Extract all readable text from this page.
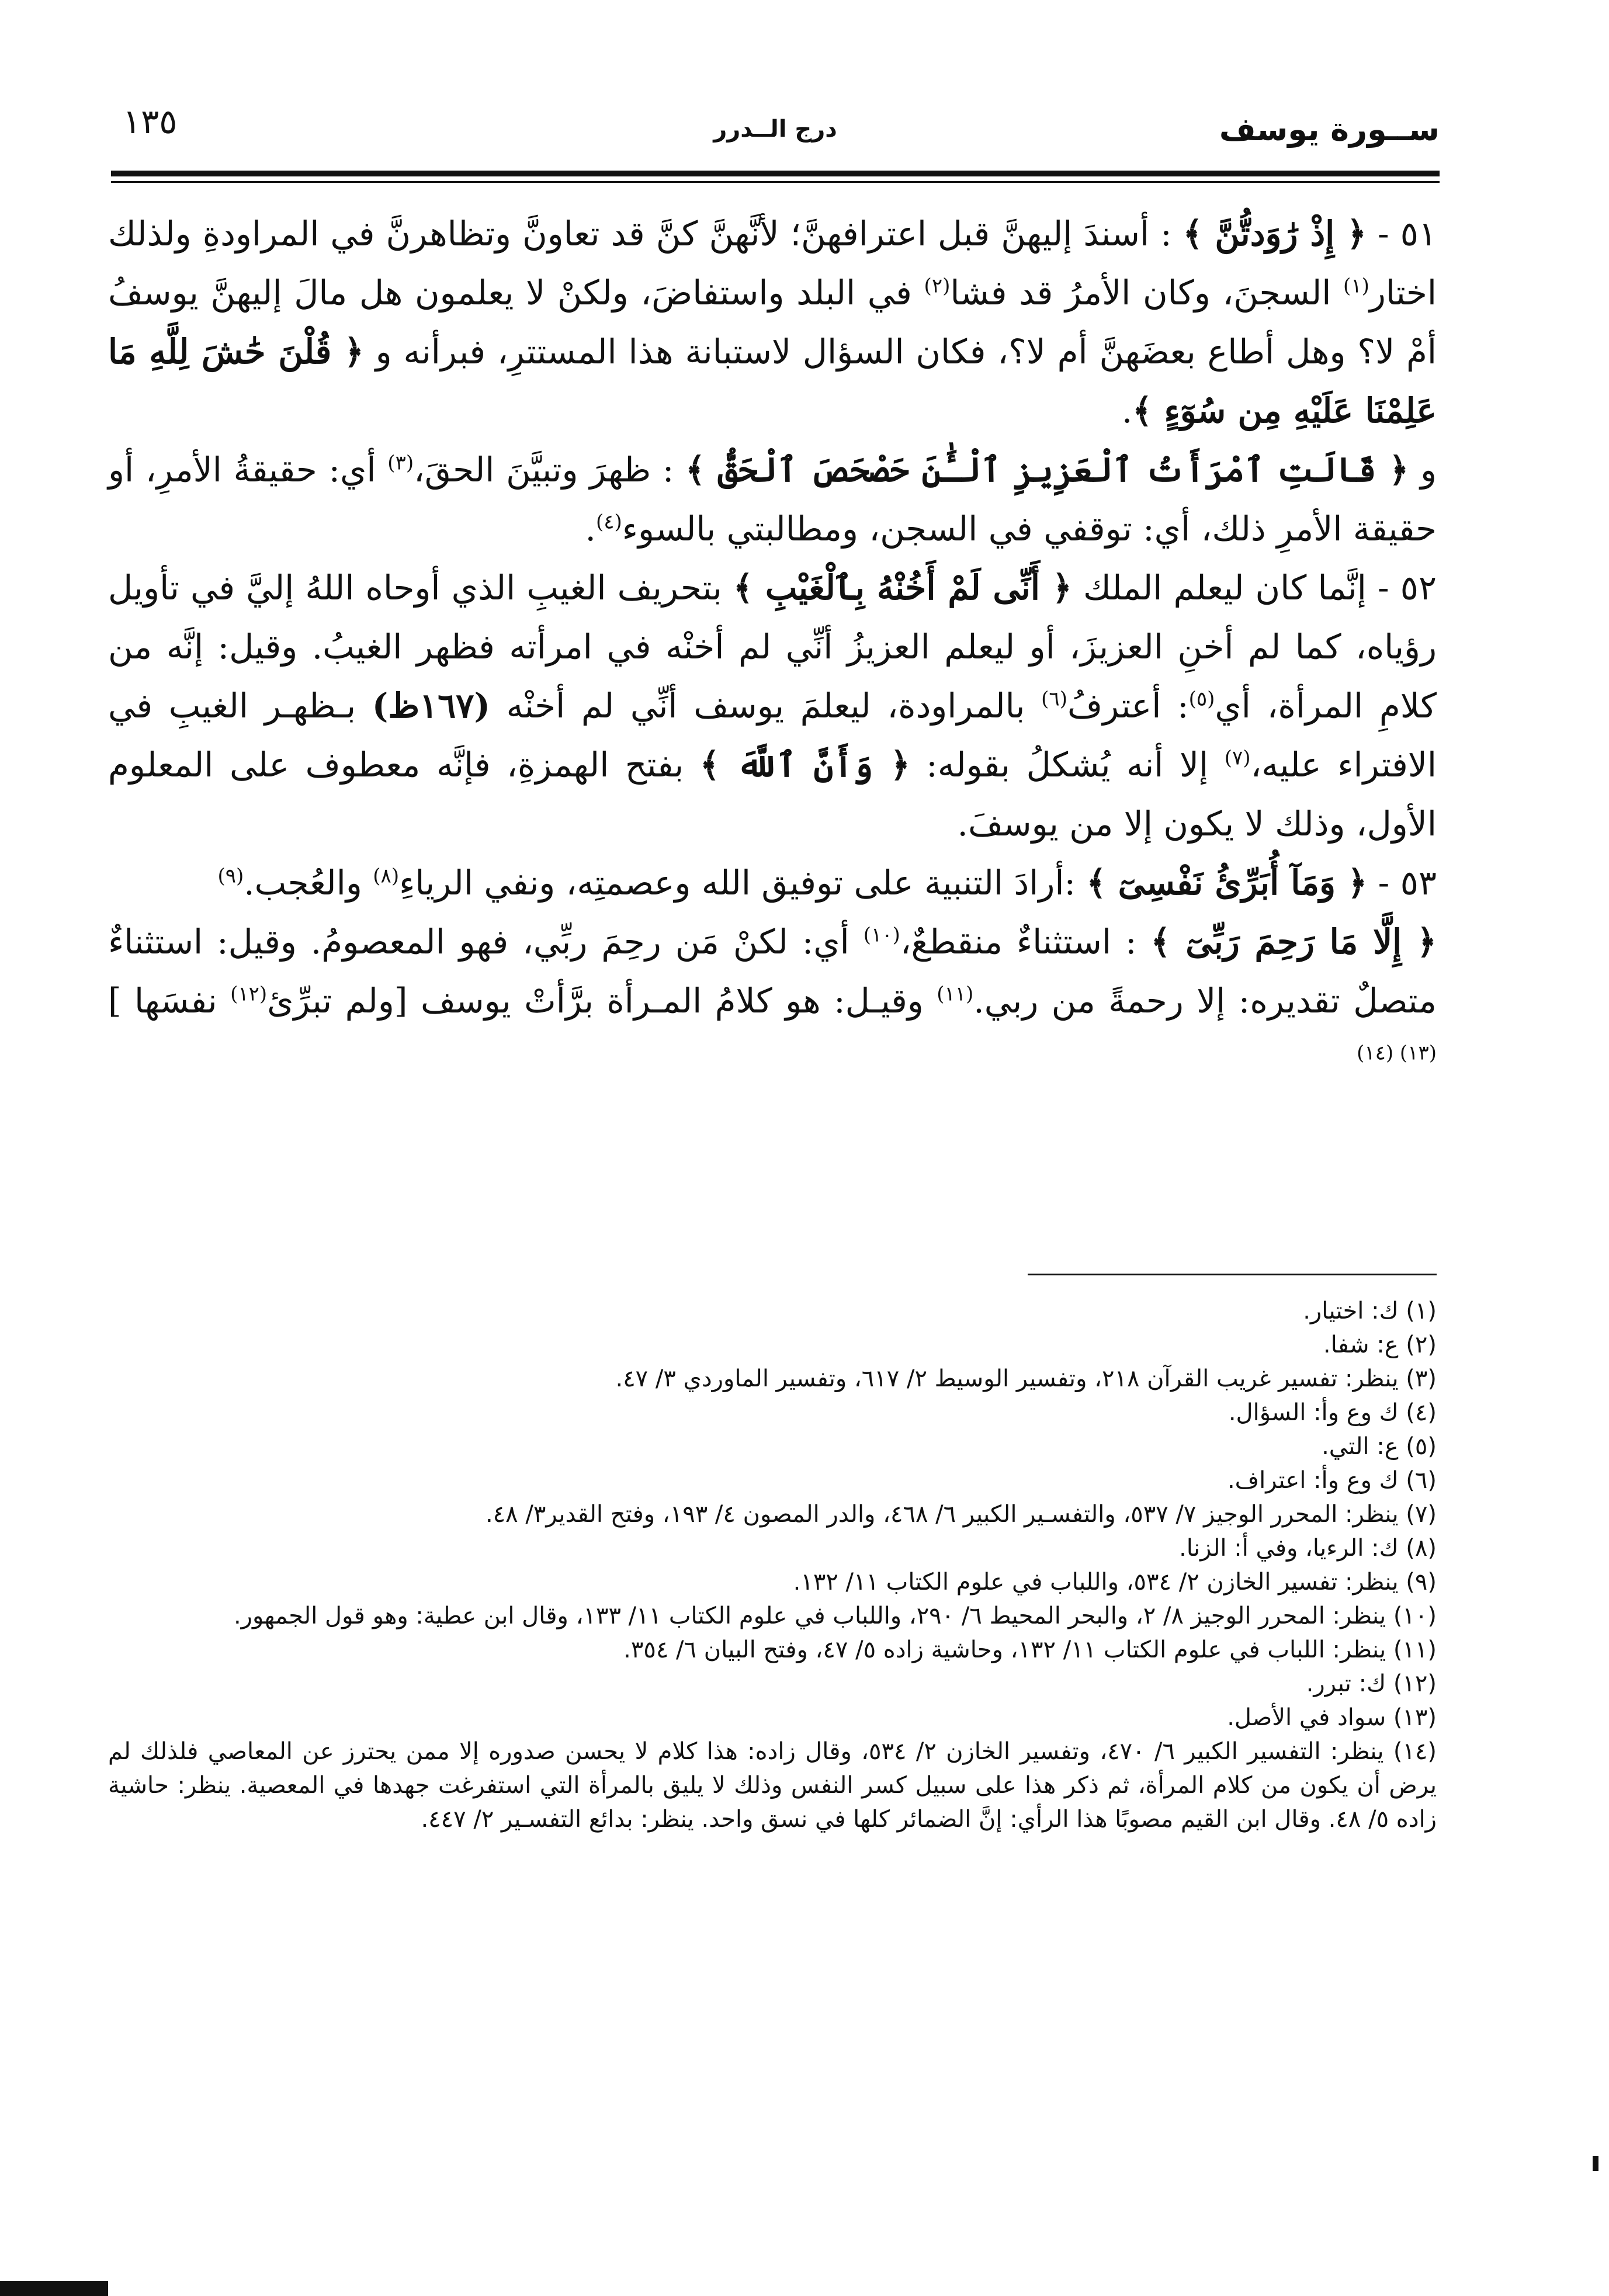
ســورة يوسف
درج الــدرر
١٣٥

٥١ - ﴿ إِذْ رَٰوَدتُّنَّ ﴾ : أسندَ إليهنَّ قبل اعترافهنَّ؛ لأنَّهنَّ كنَّ قد تعاونَّ وتظاهرنَّ في المراودةِ ولذلك اختار$^{(١)}$ السجنَ، وكان الأمرُ قد فشا$^{(٢)}$ في البلد واستفاضَ، ولكنْ لا يعلمون هل مالَ إليهنَّ يوسفُ أمْ لا؟ وهل أطاع بعضَهنَّ أم لا؟، فكان السؤال لاستبانة هذا المستترِ، فبرأنه و ﴿ قُلْنَ حَٰشَ لِلَّهِ مَا عَلِمْنَا عَلَيْهِ مِن سُوٓءٍ ﴾.

و ﴿ قَالَتِ ٱمْرَأَتُ ٱلْعَزِيزِ ٱلْـَٰٔنَ حَصْحَصَ ٱلْحَقُّ ﴾ : ظهرَ وتبيَّنَ الحقَ،$^{(٣)}$ أي: حقيقةُ الأمرِ، أو حقيقة الأمرِ ذلك، أي: توقفي في السجن، ومطالبتي بالسوء$^{(٤)}$.

٥٢ - إنَّما كان ليعلم الملك ﴿ أَنِّى لَمْ أَخُنْهُ بِٱلْغَيْبِ ﴾ بتحريف الغيبِ الذي أوحاه اللهُ إليَّ في تأويل رؤياه، كما لم أخنِ العزيزَ، أو ليعلم العزيزُ أنِّي لم أخنْه في امرأته فظهر الغيبُ. وقيل: إنَّه من كلامِ المرأة، أي$^{(٥)}$: أعترفُ$^{(٦)}$ بالمراودة، ليعلمَ يوسف أنِّي لم أخنْه (١٦٧ظ) بـظهـر الغيبِ في الافتراء عليه،$^{(٧)}$ إلا أنه يُشكلُ بقوله: ﴿ وَأَنَّ ٱللَّهَ ﴾ بفتح الهمزةِ، فإنَّه معطوف على المعلوم الأول، وذلك لا يكون إلا من يوسفَ.

٥٣ - ﴿ وَمَآ أُبَرِّئُ نَفْسِىٓ ﴾ :أرادَ التنبية على توفيق الله وعصمتِه، ونفي الرياءِ$^{(٨)}$ والعُجب.$^{(٩)}$

﴿ إِلَّا مَا رَحِمَ رَبِّىٓ ﴾ : استثناءٌ منقطعٌ،$^{(١٠)}$ أي: لكنْ مَن رحِمَ ربِّي، فهو المعصومُ. وقيل: استثناءٌ متصلٌ تقديره: إلا رحمةً من ربي.$^{(١١)}$ وقيـل: هو كلامُ المـرأة برَّأتْ يوسف [ولم تبرِّئ$^{(١٢)}$ نفسَها ]$^{(١٣) (١٤)}$

(١) ك: اختيار.

(٢) ع: شفا.

(٣) ينظر: تفسير غريب القرآن ٢١٨، وتفسير الوسيط ٢/ ٦١٧، وتفسير الماوردي ٣/ ٤٧.

(٤) ك وع وأ: السؤال.

(٥) ع: التي.

(٦) ك وع وأ: اعتراف.

(٧) ينظر: المحرر الوجيز ٧/ ٥٣٧، والتفسـير الكبير ٦/ ٤٦٨، والدر المصون ٤/ ١٩٣، وفتح القدير٣/ ٤٨.

(٨) ك: الرءيا، وفي أ: الزنا.

(٩) ينظر: تفسير الخازن ٢/ ٥٣٤، واللباب في علوم الكتاب ١١/ ١٣٢.

(١٠) ينظر: المحرر الوجيز ٨/ ٢، والبحر المحيط ٦/ ٢٩٠، واللباب في علوم الكتاب ١١/ ١٣٣، وقال ابن عطية: وهو قول الجمهور.

(١١) ينظر: اللباب في علوم الكتاب ١١/ ١٣٢، وحاشية زاده ٥/ ٤٧، وفتح البيان ٦/ ٣٥٤.

(١٢) ك: تبرر.

(١٣) سواد في الأصل.

(١٤) ينظر: التفسير الكبير ٦/ ٤٧٠، وتفسير الخازن ٢/ ٥٣٤، وقال زاده: هذا كلام لا يحسن صدوره إلا ممن يحترز عن المعاصي فلذلك لم يرض أن يكون من كلام المرأة، ثم ذكر هذا على سبيل كسر النفس وذلك لا يليق بالمرأة التي استفرغت جهدها في المعصية. ينظر: حاشية زاده ٥/ ٤٨. وقال ابن القيم مصوبًا هذا الرأي: إنَّ الضمائر كلها في نسق واحد. ينظر: بدائع التفسـير ٢/ ٤٤٧.
